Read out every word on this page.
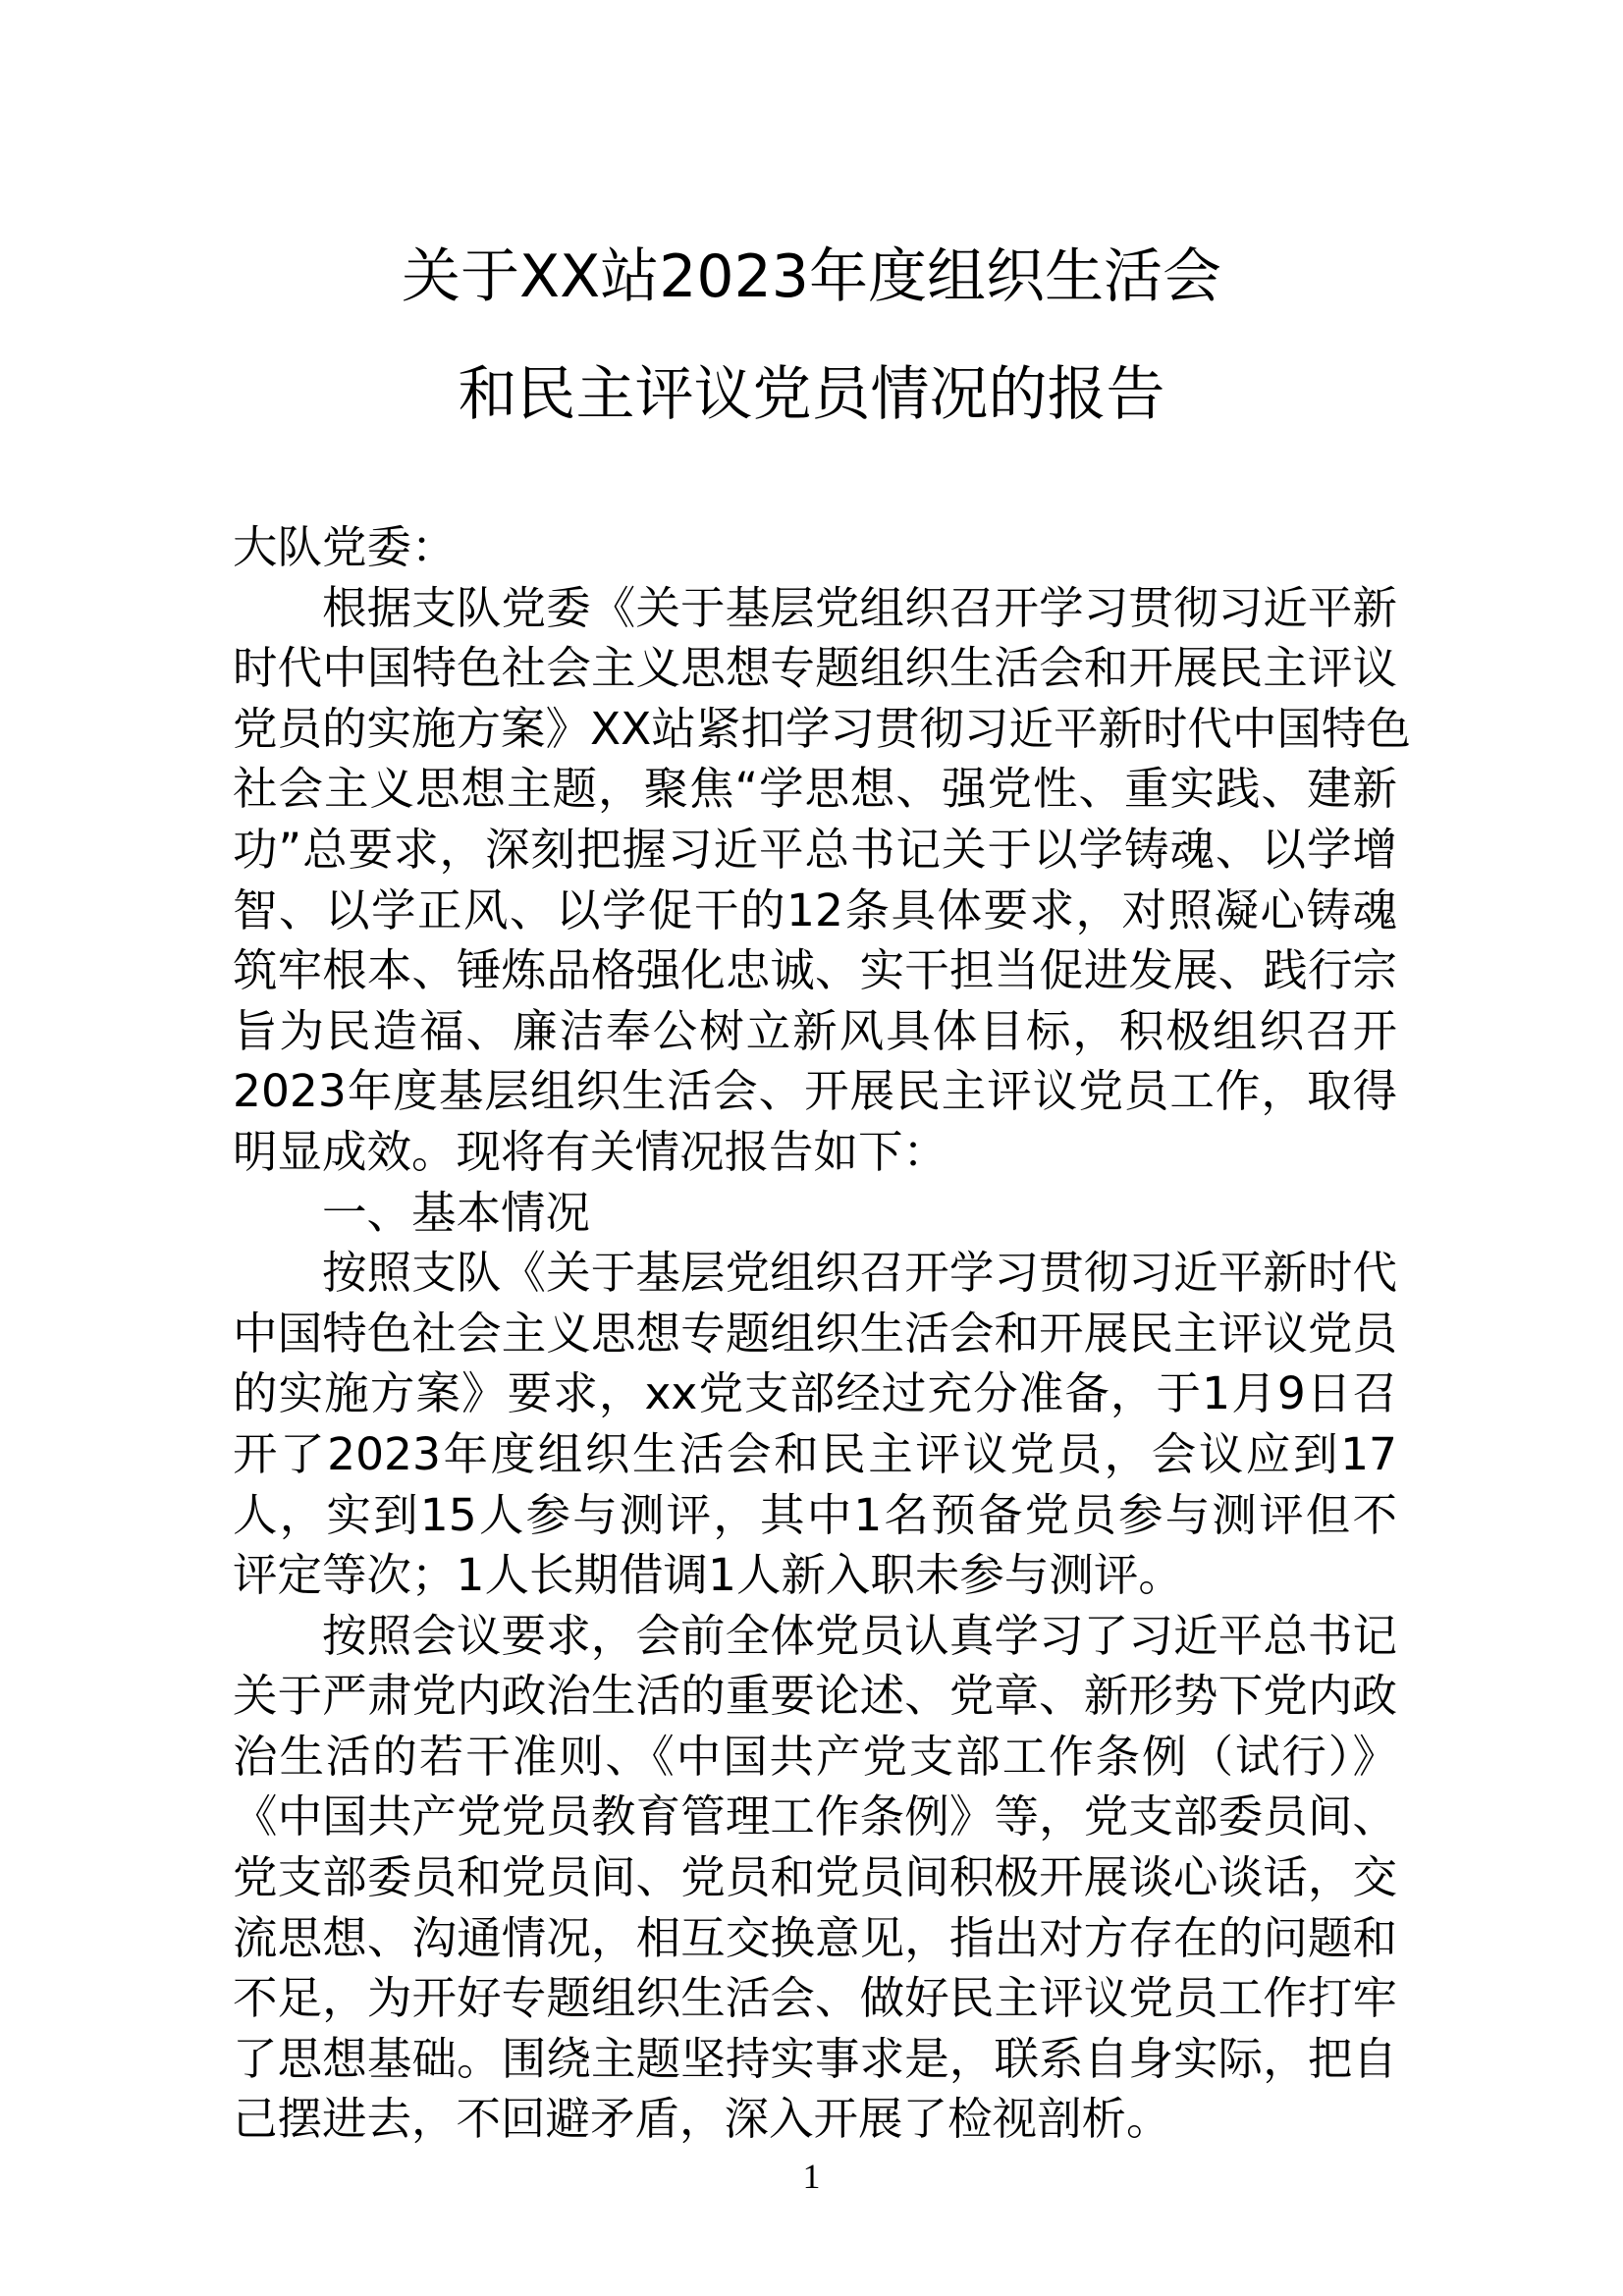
关于XX站2023年度组织生活会
和民主评议党员情况的报告
大队党委：
根据支队党委《关于基层党组织召开学习贯彻习近平新
时代中国特色社会主义思想专题组织生活会和开展民主评议
党员的实施方案》XX站紧扣学习贯彻习近平新时代中国特色
社会主义思想主题，聚焦“学思想、强党性、重实践、建新
功”总要求，深刻把握习近平总书记关于以学铸魂、以学增
智、以学正风、以学促干的12条具体要求，对照凝心铸魂
筑牢根本、锤炼品格强化忠诚、实干担当促进发展、践行宗
旨为民造福、廉洁奉公树立新风具体目标，积极组织召开
2023年度基层组织生活会、开展民主评议党员工作，取得
明显成效。现将有关情况报告如下：
一、基本情况
按照支队《关于基层党组织召开学习贯彻习近平新时代
中国特色社会主义思想专题组织生活会和开展民主评议党员
的实施方案》要求，xx党支部经过充分准备，于1月9日召
开了2023年度组织生活会和民主评议党员，会议应到17
人，实到15人参与测评，其中1名预备党员参与测评但不
评定等次；1人长期借调1人新入职未参与测评。
按照会议要求，会前全体党员认真学习了习近平总书记
关于严肃党内政治生活的重要论述、党章、新形势下党内政
治生活的若干准则、《中国共产党支部工作条例（试行）》
《中国共产党党员教育管理工作条例》等，党支部委员间、
党支部委员和党员间、党员和党员间积极开展谈心谈话，交
流思想、沟通情况，相互交换意见，指出对方存在的问题和
不足，为开好专题组织生活会、做好民主评议党员工作打牢
了思想基础。围绕主题坚持实事求是，联系自身实际，把自
己摆进去，不回避矛盾，深入开展了检视剖析。
1
